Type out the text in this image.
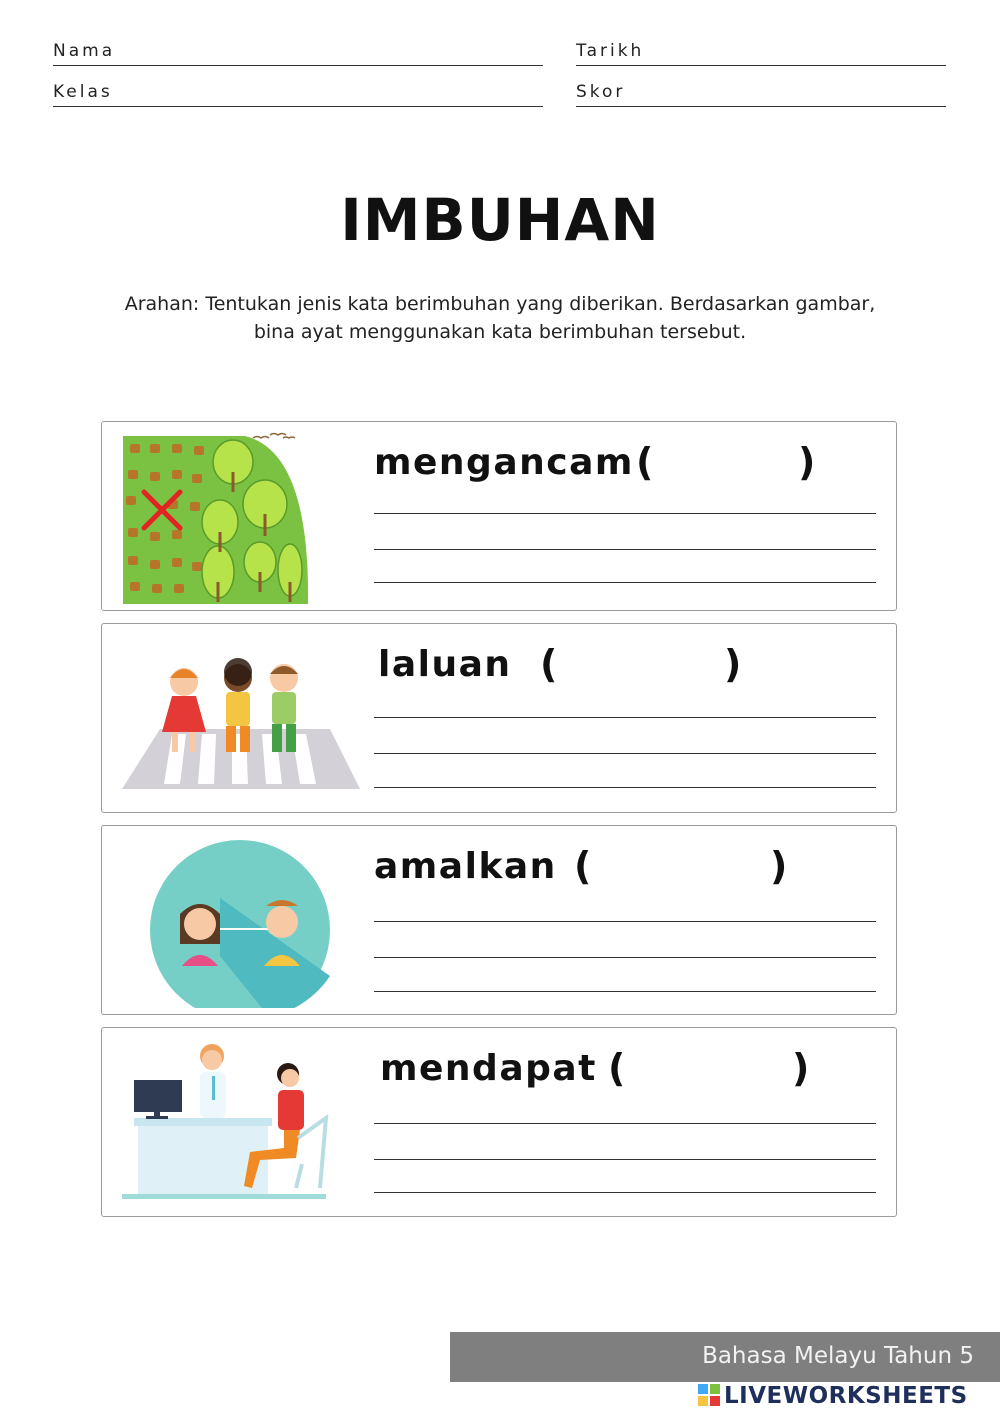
Nama	Tarikh
Kelas	Skor
IMBUHAN
Arahan: Tentukan jenis kata berimbuhan yang diberikan. Berdasarkan gambar, bina ayat menggunakan kata berimbuhan tersebut.
mengancam (	)
laluan (	)
amalkan (	)
mendapat (	)
Bahasa Melayu Tahun 5
LIVEWORKSHEETS
